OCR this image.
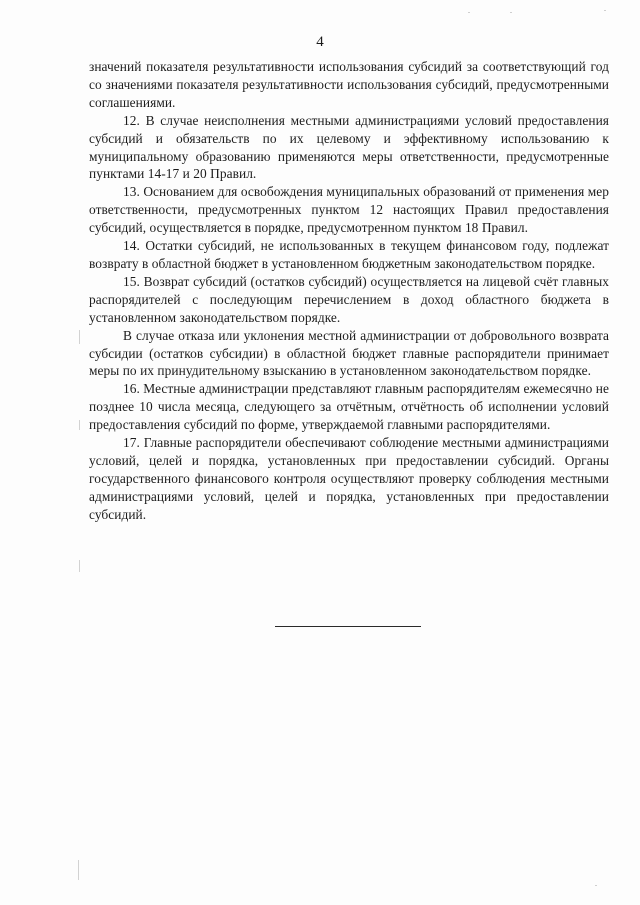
4

значений показателя результативности использования субсидий за соответствующий год со значениями показателя результативности использования субсидий, предусмотренными соглашениями.

12. В случае неисполнения местными администрациями условий предоставления субсидий и обязательств по их целевому и эффективному использованию к муниципальному образованию применяются меры ответственности, предусмотренные пунктами 14-17 и 20 Правил.

13. Основанием для освобождения муниципальных образований от применения мер ответственности, предусмотренных пунктом 12 настоящих Правил предоставления субсидий, осуществляется в порядке, предусмотренном пунктом 18 Правил.

14. Остатки субсидий, не использованных в текущем финансовом году, подлежат возврату в областной бюджет в установленном бюджетным законодательством порядке.

15. Возврат субсидий (остатков субсидий) осуществляется на лицевой счёт главных распорядителей с последующим перечислением в доход областного бюджета в установленном законодательством порядке.

В случае отказа или уклонения местной администрации от добровольного возврата субсидии (остатков субсидии) в областной бюджет главные распорядители принимает меры по их принудительному взысканию в установленном законодательством порядке.

16. Местные администрации представляют главным распорядителям ежемесячно не позднее 10 числа месяца, следующего за отчётным, отчётность об исполнении условий предоставления субсидий по форме, утверждаемой главными распорядителями.

17. Главные распорядители обеспечивают соблюдение местными администрациями условий, целей и порядка, установленных при предоставлении субсидий. Органы государственного финансового контроля осуществляют проверку соблюдения местными администрациями условий, целей и порядка, установленных при предоставлении субсидий.
